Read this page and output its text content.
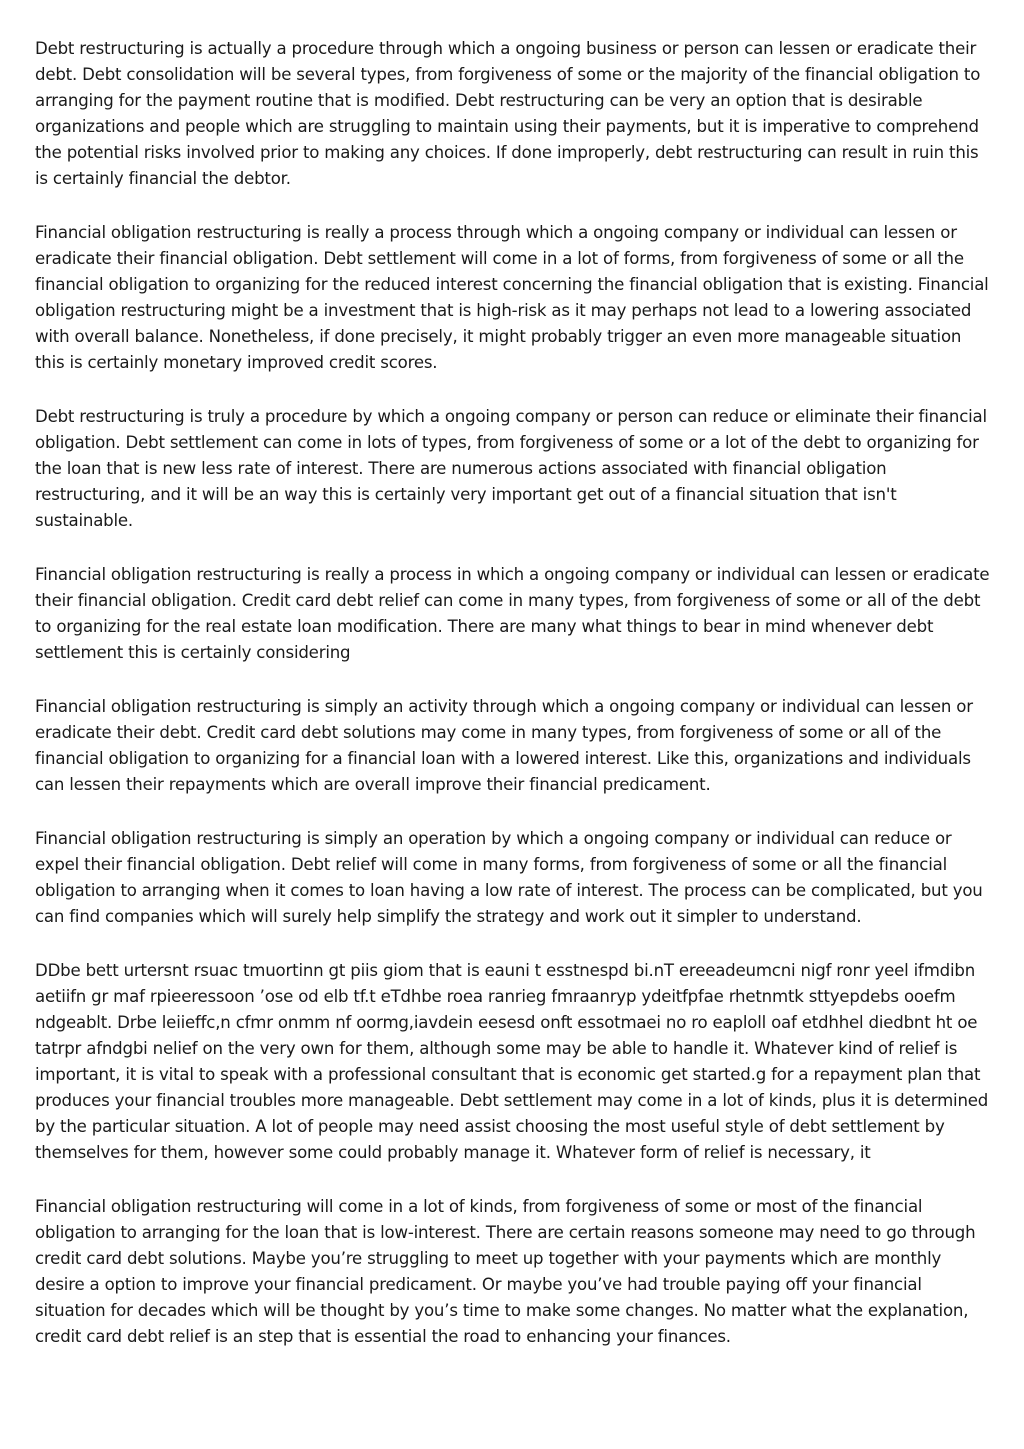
Debt restructuring is actually a procedure through which a ongoing business or person can lessen or eradicate their debt. Debt consolidation will be several types, from forgiveness of some or the majority of the financial obligation to arranging for the payment routine that is modified. Debt restructuring can be very an option that is desirable organizations and people which are struggling to maintain using their payments, but it is imperative to comprehend the potential risks involved prior to making any choices. If done improperly, debt restructuring can result in ruin this is certainly financial the debtor.

Financial obligation restructuring is really a process through which a ongoing company or individual can lessen or eradicate their financial obligation. Debt settlement will come in a lot of forms, from forgiveness of some or all the financial obligation to organizing for the reduced interest concerning the financial obligation that is existing. Financial obligation restructuring might be a investment that is high-risk as it may perhaps not lead to a lowering associated with overall balance. Nonetheless, if done precisely, it might probably trigger an even more manageable situation this is certainly monetary improved credit scores.

Debt restructuring is truly a procedure by which a ongoing company or person can reduce or eliminate their financial obligation. Debt settlement can come in lots of types, from forgiveness of some or a lot of the debt to organizing for the loan that is new less rate of interest. There are numerous actions associated with financial obligation restructuring, and it will be an way this is certainly very important get out of a financial situation that isn't sustainable.

Financial obligation restructuring is really a process in which a ongoing company or individual can lessen or eradicate their financial obligation. Credit card debt relief can come in many types, from forgiveness of some or all of the debt to organizing for the real estate loan modification. There are many what things to bear in mind whenever debt settlement this is certainly considering

Financial obligation restructuring is simply an activity through which a ongoing company or individual can lessen or eradicate their debt. Credit card debt solutions may come in many types, from forgiveness of some or all of the financial obligation to organizing for a financial loan with a lowered interest. Like this, organizations and individuals can lessen their repayments which are overall improve their financial predicament.

Financial obligation restructuring is simply an operation by which a ongoing company or individual can reduce or expel their financial obligation. Debt relief will come in many forms, from forgiveness of some or all the financial obligation to arranging when it comes to loan having a low rate of interest. The process can be complicated, but you can find companies which will surely help simplify the strategy and work out it simpler to understand.

DDbe bett urtersnt rsuac tmuortinn gt piis giom that is eauni t esstnespd bi.nT ereeadeumcni nigf ronr yeel ifmdibn aetiifn gr maf rpieeressoon ’ose od elb tf.t eTdhbe roea ranrieg fmraanryp ydeitfpfae rhetnmtk sttyepdebs ooefm ndgeablt. Drbe leiieffc,n cfmr onmm nf oormg,iavdein eesesd onft essotmaei no ro eaploll oaf etdhhel diedbnt ht oe tatrpr afndgbi nelief on the very own for them, although some may be able to handle it. Whatever kind of relief is important, it is vital to speak with a professional consultant that is economic get started.g for a repayment plan that produces your financial troubles more manageable. Debt settlement may come in a lot of kinds, plus it is determined by the particular situation. A lot of people may need assist choosing the most useful style of debt settlement by themselves for them, however some could probably manage it. Whatever form of relief is necessary, it

Financial obligation restructuring will come in a lot of kinds, from forgiveness of some or most of the financial obligation to arranging for the loan that is low-interest. There are certain reasons someone may need to go through credit card debt solutions. Maybe you’re struggling to meet up together with your payments which are monthly desire a option to improve your financial predicament. Or maybe you’ve had trouble paying off your financial situation for decades which will be thought by you’s time to make some changes. No matter what the explanation, credit card debt relief is an step that is essential the road to enhancing your finances.
